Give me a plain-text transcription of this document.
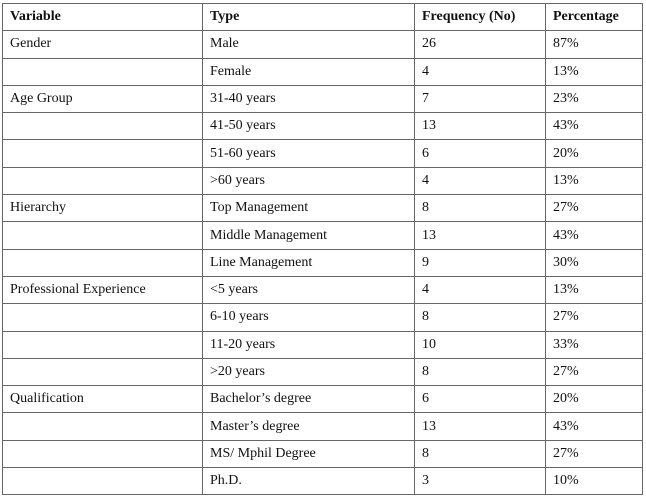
Variable	Type	Frequency (No)	Percentage
Gender	Male	26	87%
	Female	4	13%
Age Group	31-40 years	7	23%
	41-50 years	13	43%
	51-60 years	6	20%
	>60 years	4	13%
Hierarchy	Top Management	8	27%
	Middle Management	13	43%
	Line Management	9	30%
Professional Experience	<5 years	4	13%
	6-10 years	8	27%
	11-20 years	10	33%
	>20 years	8	27%
Qualification	Bachelor’s degree	6	20%
	Master’s degree	13	43%
	MS/ Mphil Degree	8	27%
	Ph.D.	3	10%
